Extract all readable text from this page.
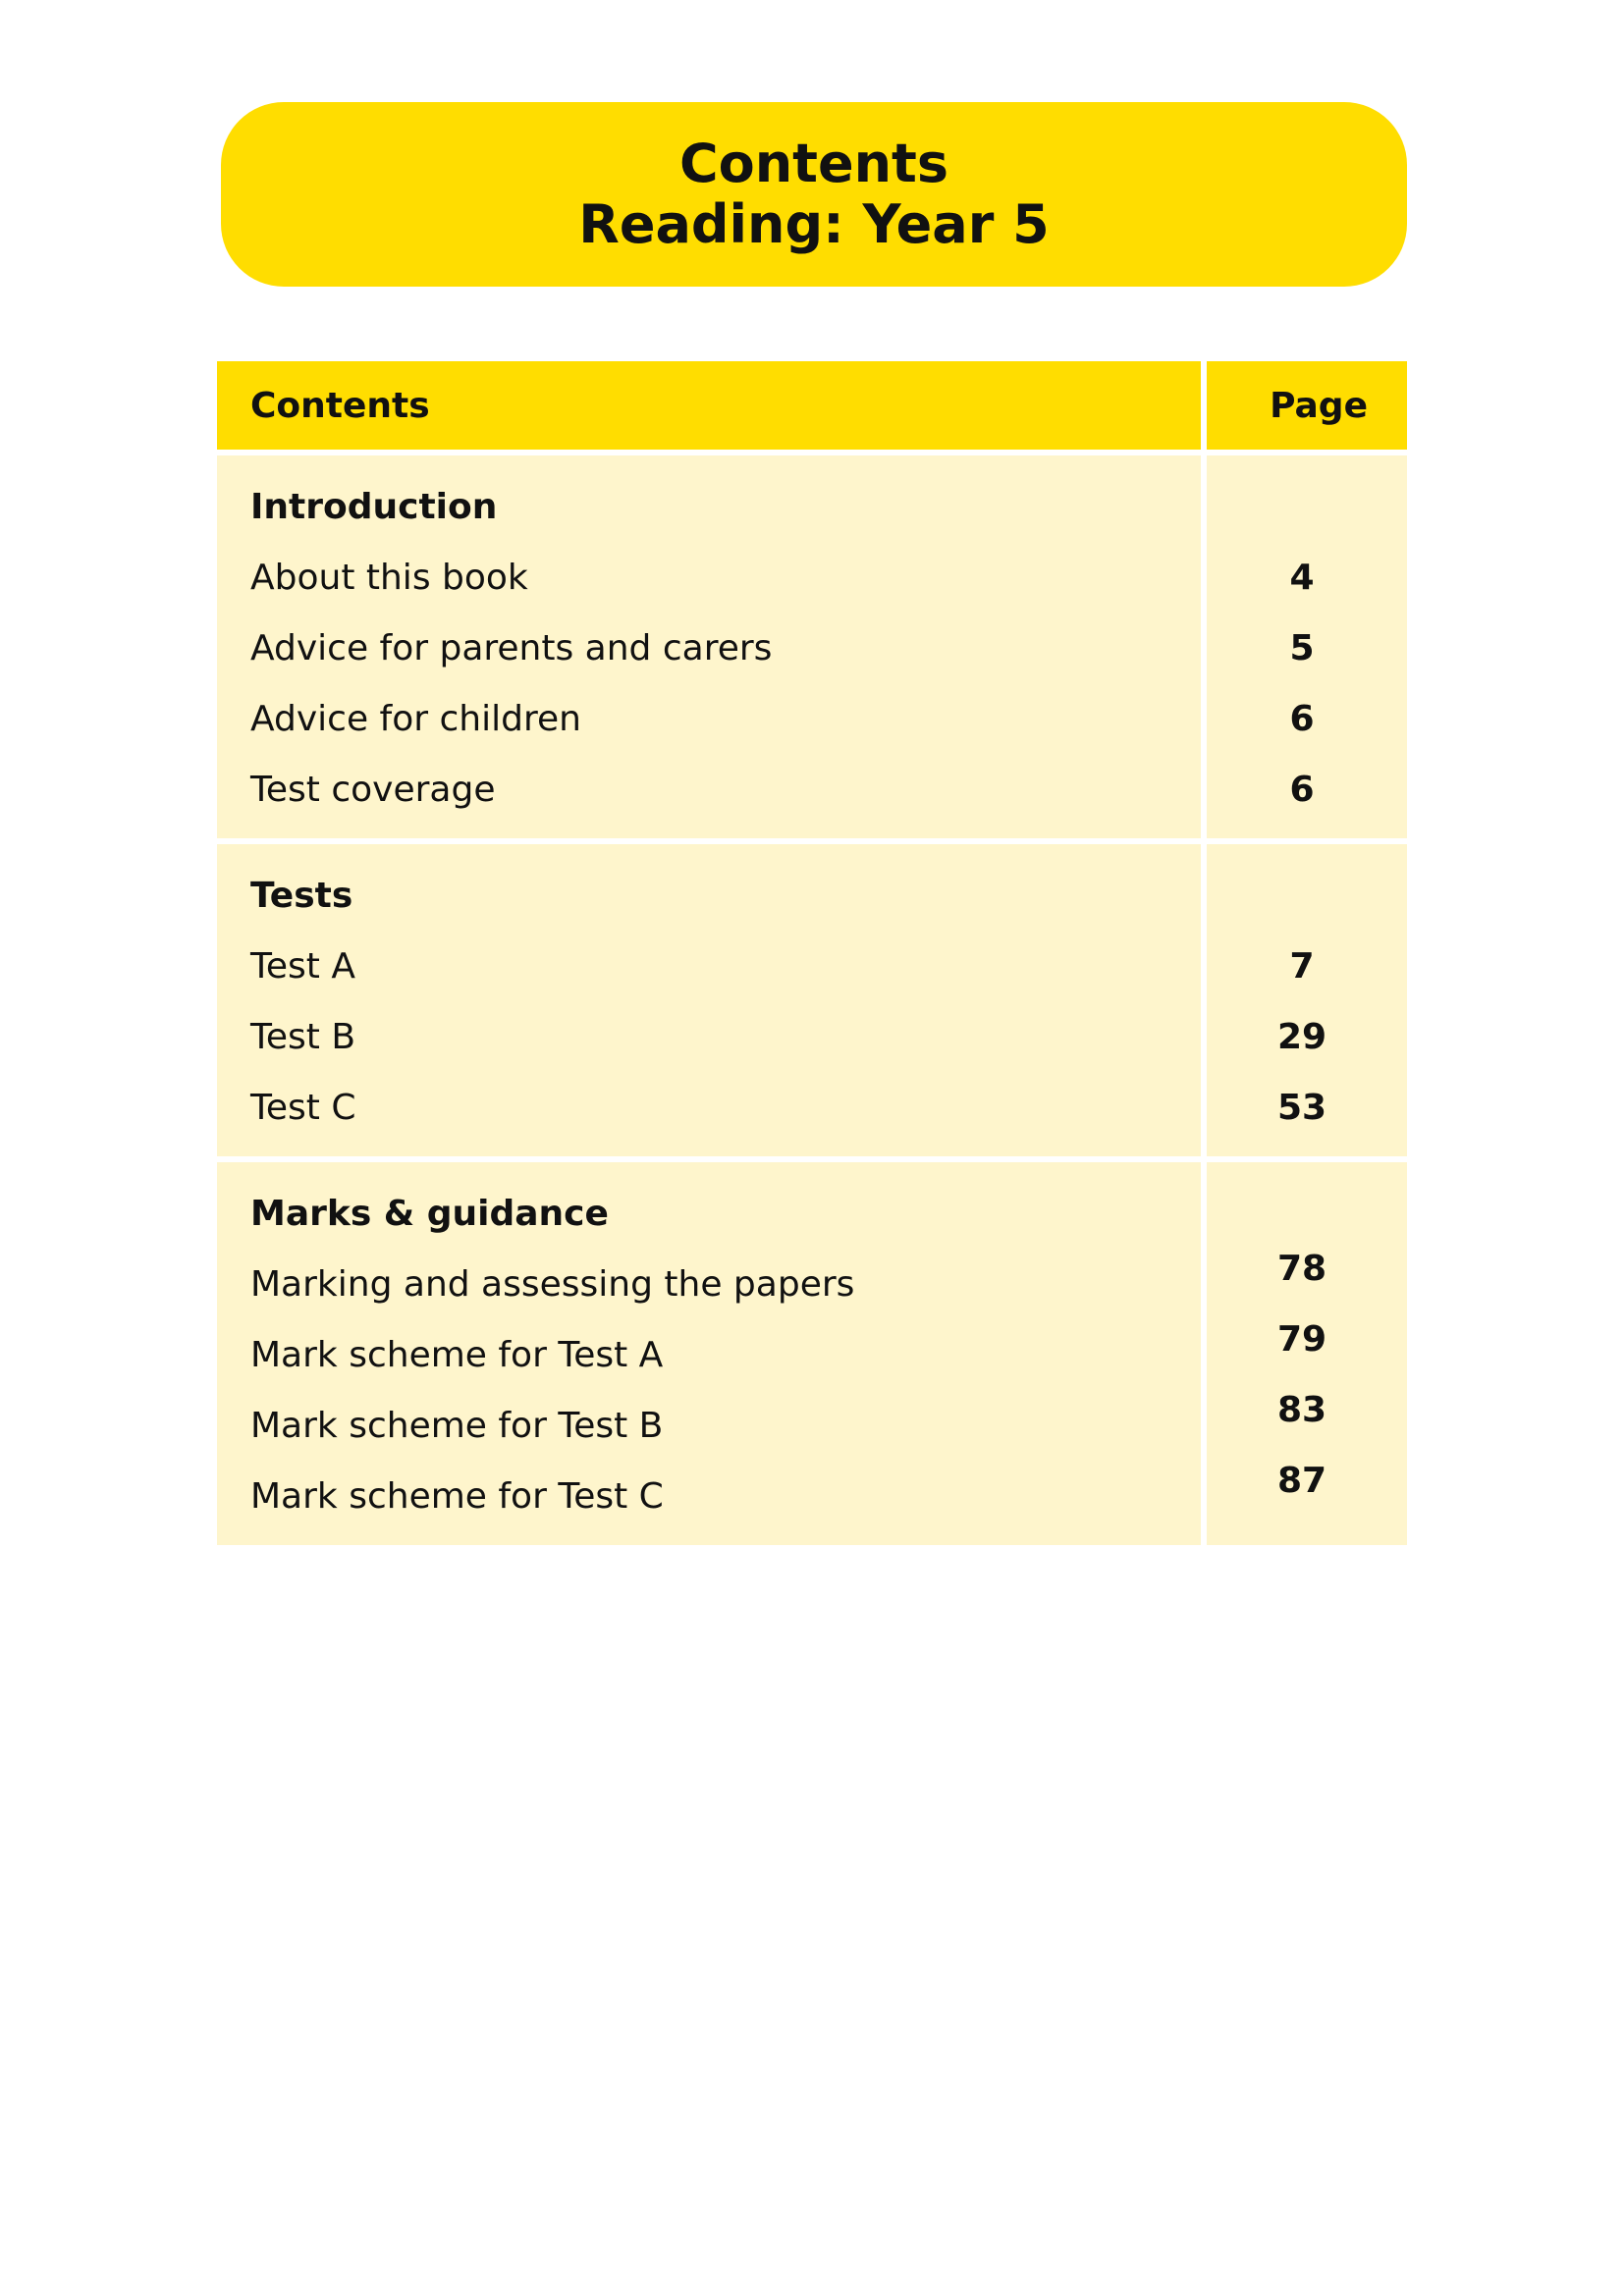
Contents
Reading: Year 5
Contents	Page
Introduction
About this book
Advice for parents and carers
Advice for children
Test coverage
4
5
6
6
Tests
Test A
Test B
Test C
7
29
53
Marks & guidance
Marking and assessing the papers
Mark scheme for Test A
Mark scheme for Test B
Mark scheme for Test C
78
79
83
87
